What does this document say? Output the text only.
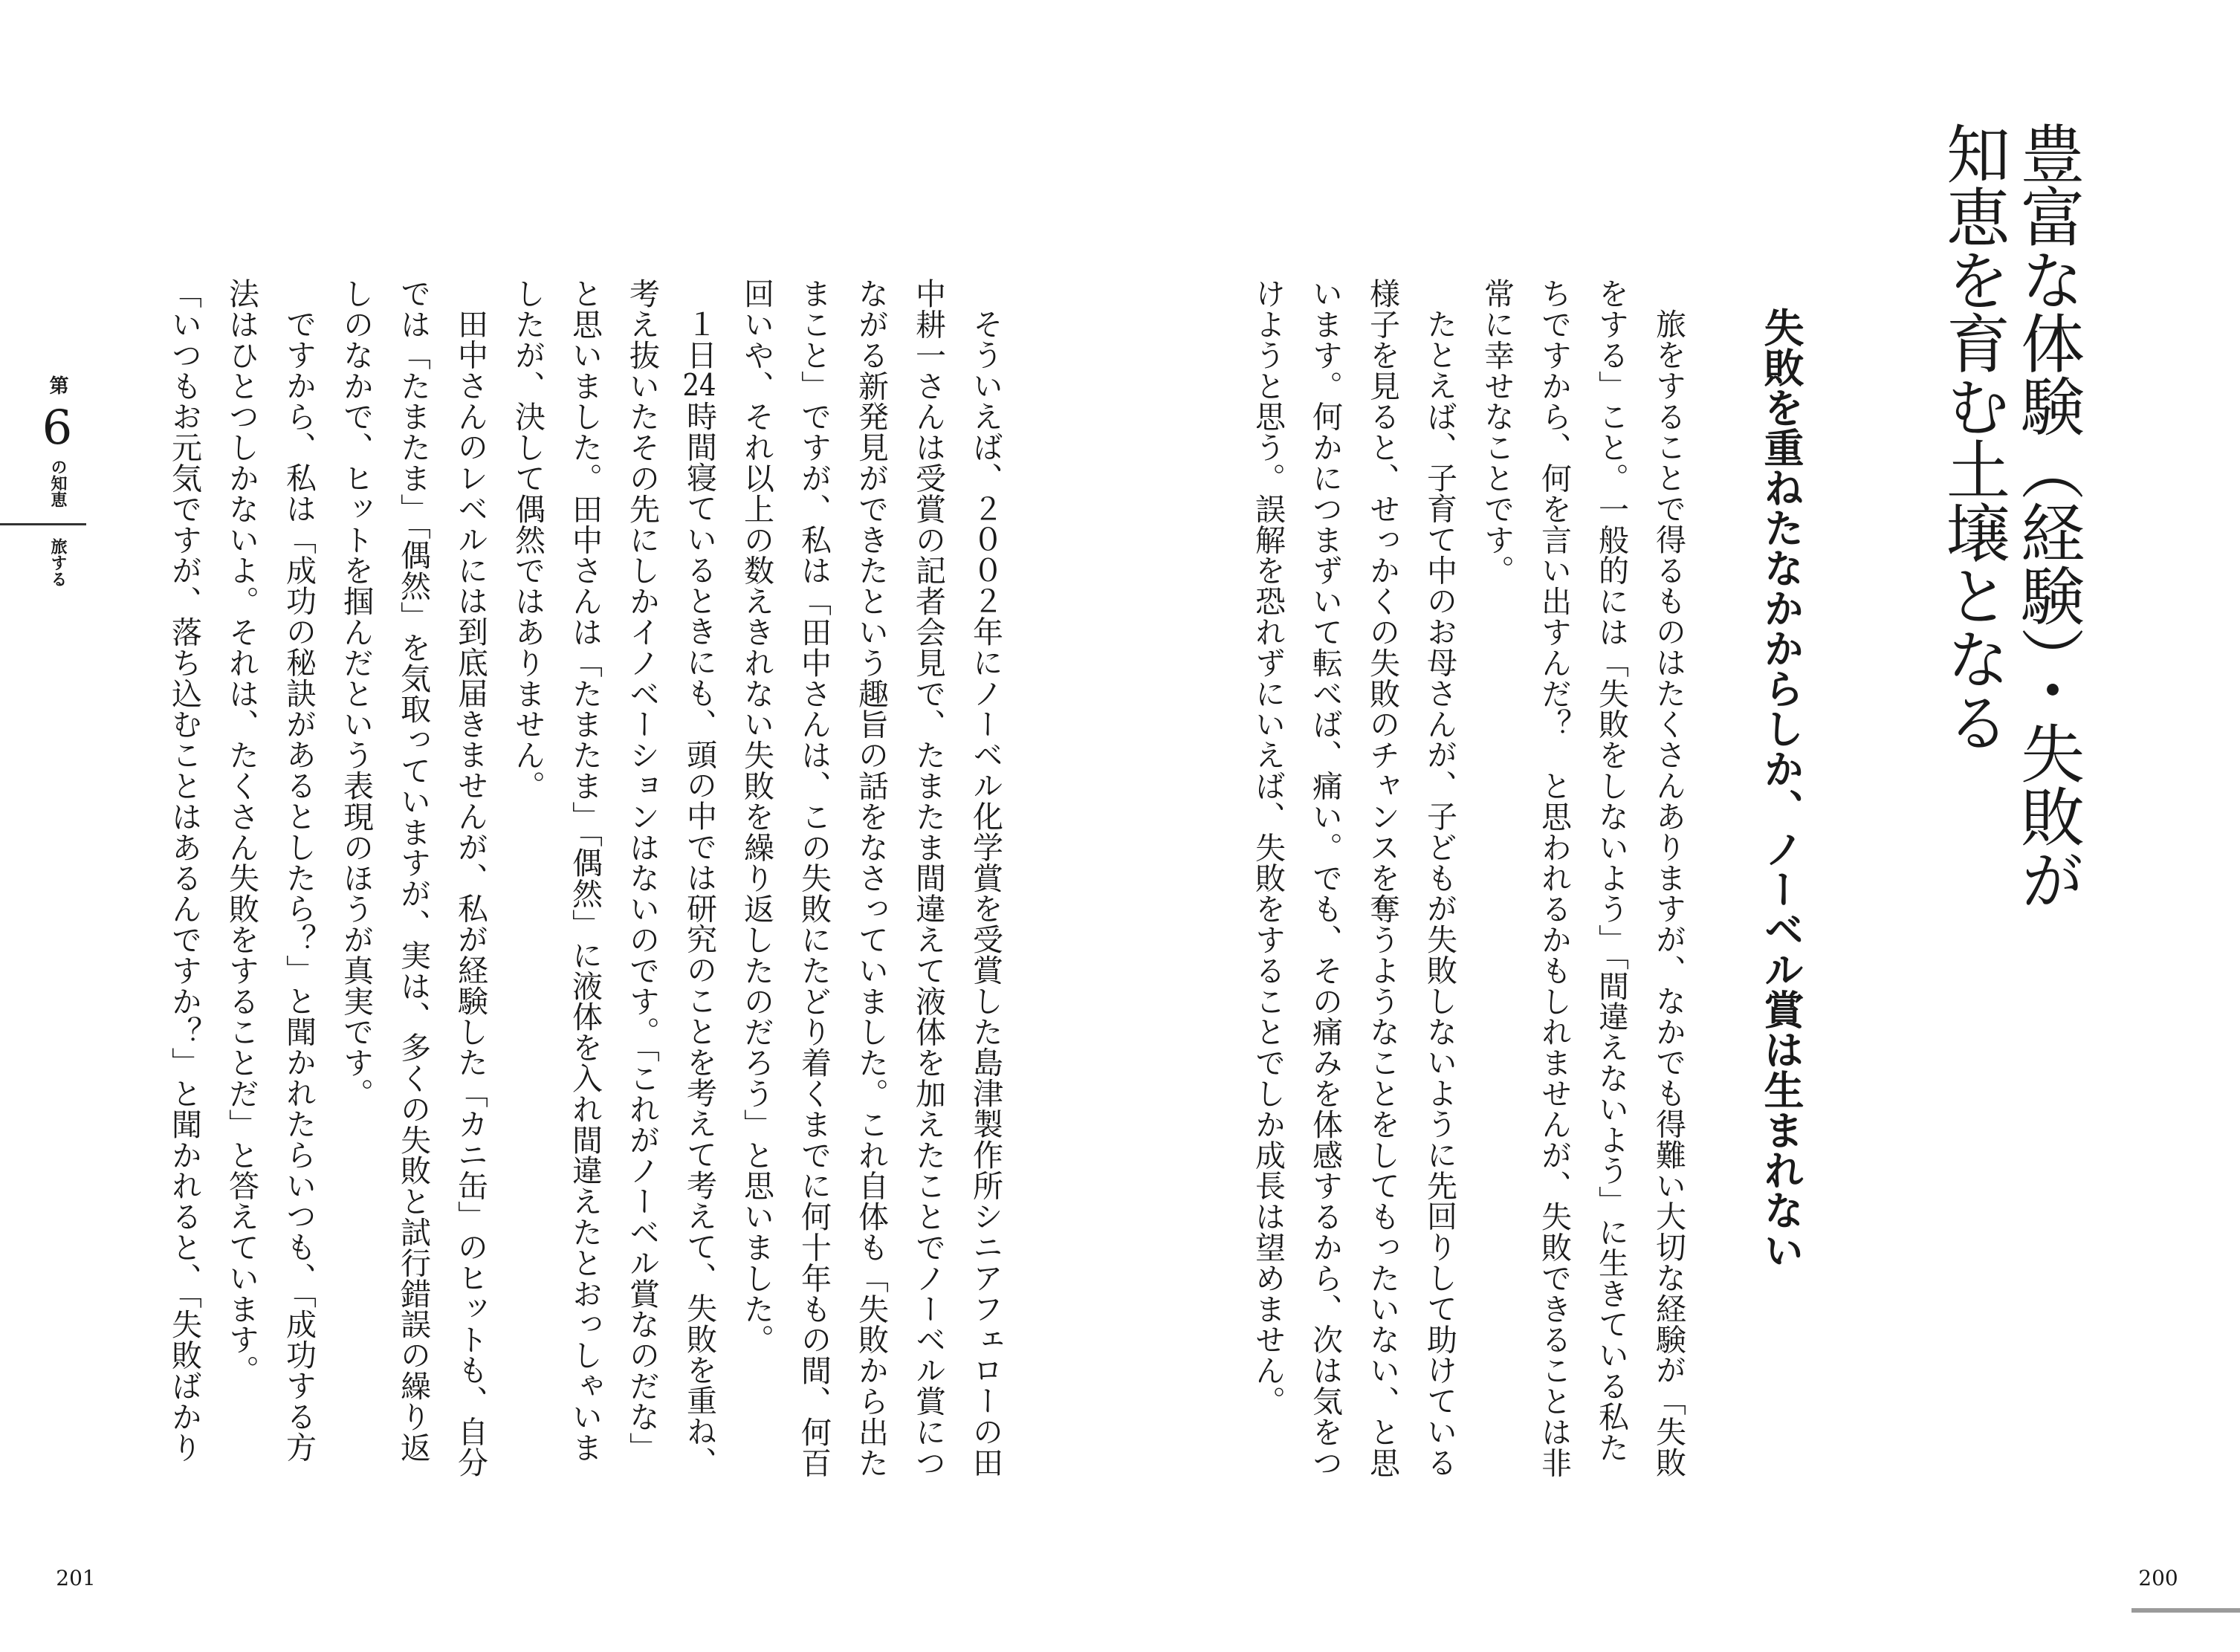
第
6
の知恵
旅する	そういえば、２００２年にノーベル化学賞を受賞した島津製作所シニアフェローの田
中耕一さんは受賞の記者会見で、たまたま間違えて液体を加えたことでノーベル賞につ
ながる新発見ができたという趣旨の話をなさっていました。これ自体も「失敗から出た
まこと」ですが、私は「田中さんは、この失敗にたどり着くまでに何十年もの間、何百
回いや、それ以上の数えきれない失敗を繰り返したのだろう」と思いました。
１日24時間寝ているときにも、頭の中では研究のことを考えて考えて、失敗を重ね、
考え抜いたその先にしかイノベーションはないのです。「これがノーベル賞なのだな」
と思いました。田中さんは「たまたま」「偶然」に液体を入れ間違えたとおっしゃいま
したが、決して偶然ではありません。
田中さんのレベルには到底届きませんが、私が経験した「カニ缶」のヒットも、自分
では「たまたま」「偶然」を気取っていますが、実は、多くの失敗と試行錯誤の繰り返
しのなかで、ヒットを掴んだという表現のほうが真実です。
ですから、私は「成功の秘訣があるとしたら？」と聞かれたらいつも、「成功する方
法はひとつしかないよ。それは、たくさん失敗をすることだ」と答えています。
「いつもお元気ですが、落ち込むことはあるんですか？」と聞かれると、「失敗ばかり
201
豊富な体験（経験）・失敗が
知恵を育む土壌となる
失敗を重ねたなかからしか、ノーベル賞は生まれない
旅をすることで得るものはたくさんありますが、なかでも得難い大切な経験が「失敗
をする」こと。一般的には「失敗をしないよう」「間違えないよう」に生きている私た
ちですから、何を言い出すんだ？　と思われるかもしれませんが、失敗できることは非
常に幸せなことです。
たとえば、子育て中のお母さんが、子どもが失敗しないように先回りして助けている
様子を見ると、せっかくの失敗のチャンスを奪うようなことをしてもったいない、と思
います。何かにつまずいて転べば、痛い。でも、その痛みを体感するから、次は気をつ
けようと思う。誤解を恐れずにいえば、失敗をすることでしか成長は望めません。
200
